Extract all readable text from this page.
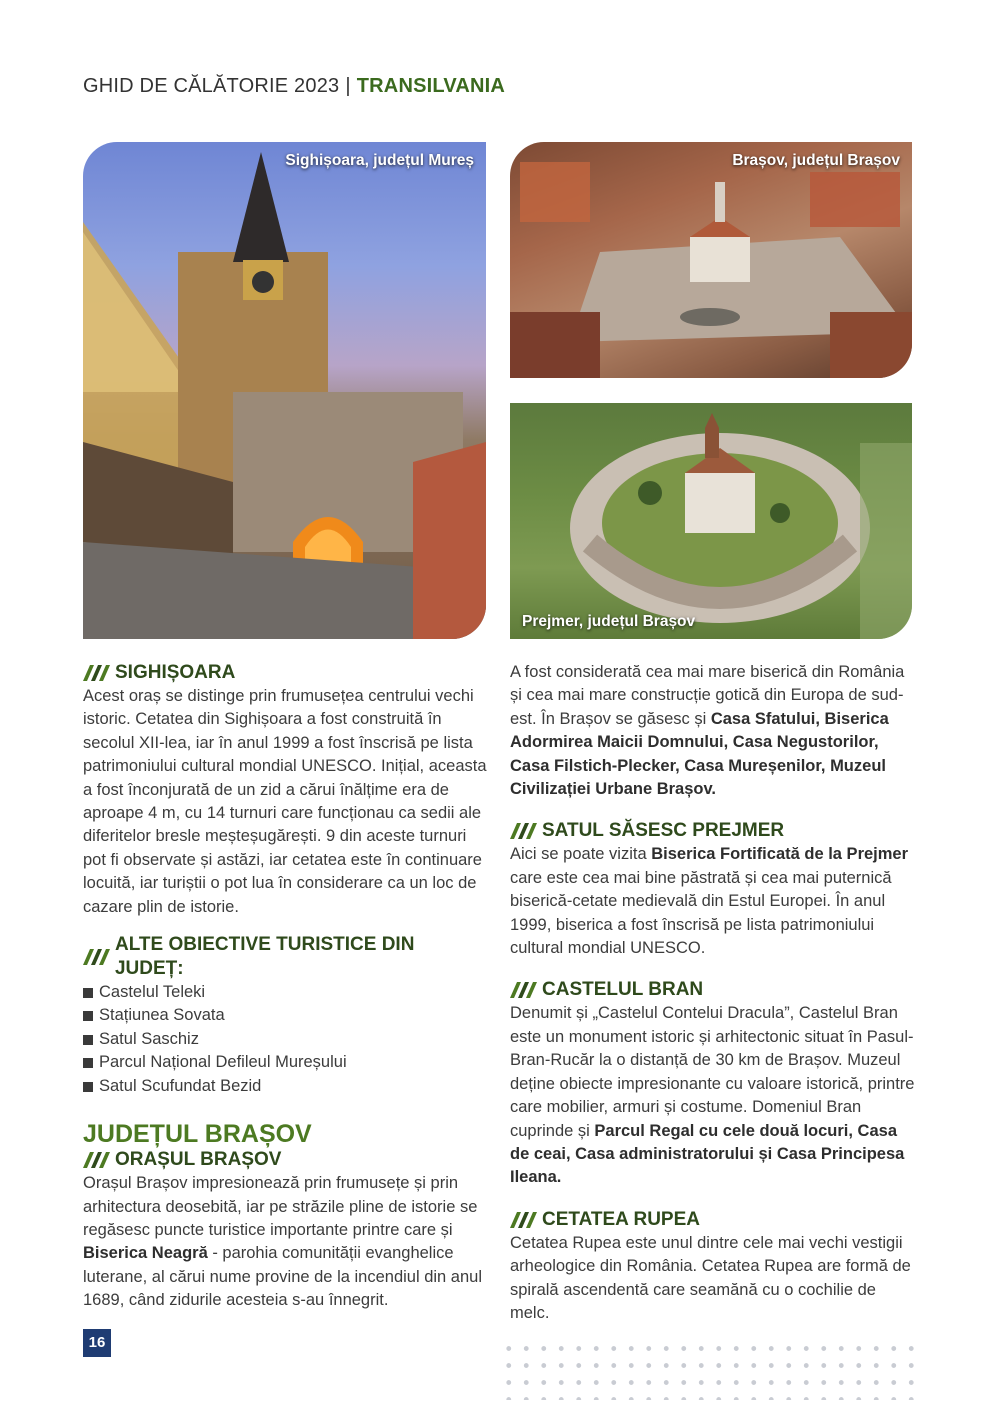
GHID DE CĂLĂTORIE 2023 | TRANSILVANIA
Sighișoara, județul Mureș	Brașov, județul Brașov
Prejmer, județul Brașov
SIGHIȘOARA

Acest oraș se distinge prin frumusețea centrului vechi istoric. Cetatea din Sighișoara a fost construită în secolul XII-lea, iar în anul 1999 a fost înscrisă pe lista patrimoniului cultural mondial UNESCO. Inițial, aceasta a fost înconjurată de un zid a cărui înălțime era de aproape 4 m, cu 14 turnuri care funcționau ca sedii ale diferitelor bresle meșteșugărești. 9 din aceste turnuri pot fi observate și astăzi, iar cetatea este în continuare locuită, iar turiștii o pot lua în considerare ca un loc de cazare plin de istorie.

ALTE OBIECTIVE TURISTICE DIN JUDEȚ:
Castelul Teleki
Stațiunea Sovata
Satul Saschiz
Parcul Național Defileul Mureșului
Satul Scufundat Bezid
JUDEȚUL BRAȘOV
ORAȘUL BRAȘOV

Orașul Brașov impresionează prin frumusețe și prin arhitectura deosebită, iar pe străzile pline de istorie se regăsesc puncte turistice importante printre care și Biserica Neagră - parohia comunității evanghelice luterane, al cărui nume provine de la incendiul din anul 1689, când zidurile acesteia s-au înnegrit.

A fost considerată cea mai mare biserică din România și cea mai mare construcție gotică din Europa de sud-est. În Brașov se găsesc și Casa Sfatului, Biserica Adormirea Maicii Domnului, Casa Negustorilor, Casa Filstich-Plecker, Casa Mureșenilor, Muzeul Civilizației Urbane Brașov.

SATUL SĂSESC PREJMER

Aici se poate vizita Biserica Fortificată de la Prejmer care este cea mai bine păstrată și cea mai puternică biserică-cetate medievală din Estul Europei. În anul 1999, biserica a fost înscrisă pe lista patrimoniului cultural mondial UNESCO.

CASTELUL BRAN

Denumit și „Castelul Contelui Dracula”, Castelul Bran este un monument istoric și arhitectonic situat în Pasul-Bran-Rucăr la o distanță de 30 km de Brașov. Muzeul deține obiecte impresionante cu valoare istorică, printre care mobilier, armuri și costume. Domeniul Bran cuprinde și Parcul Regal cu cele două locuri, Casa de ceai, Casa administratorului și Casa Principesa Ileana.

CETATEA RUPEA

Cetatea Rupea este unul dintre cele mai vechi vestigii arheologice din România. Cetatea Rupea are formă de spirală ascendentă care seamănă cu o cochilie de melc.

16
